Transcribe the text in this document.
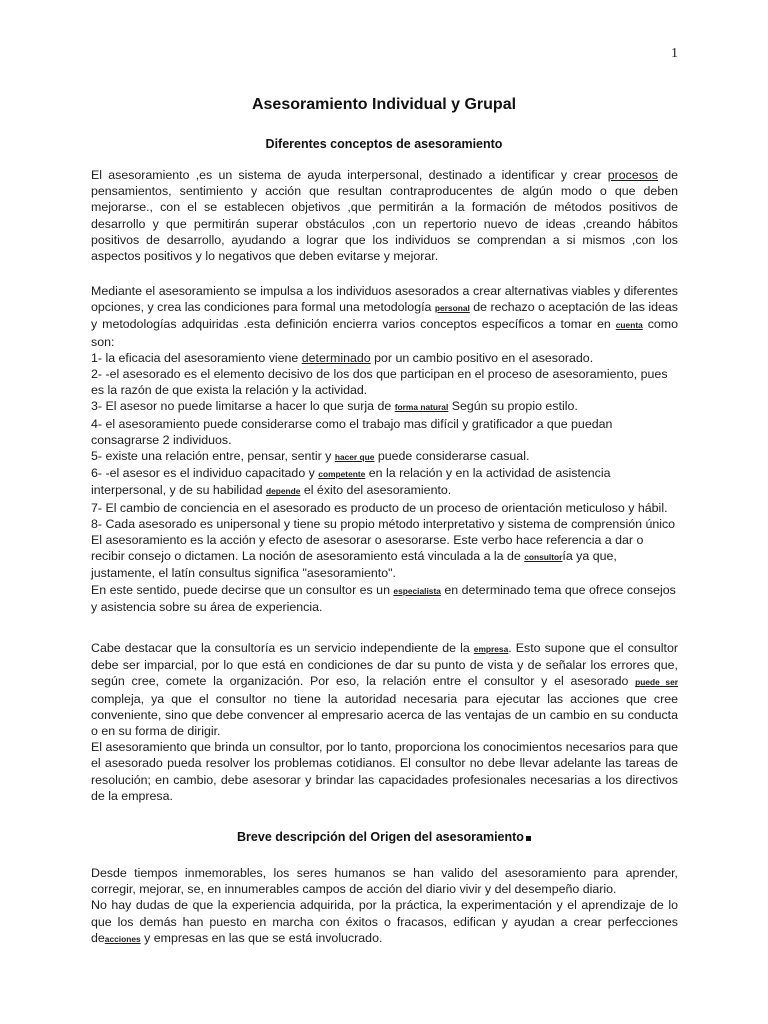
1
Asesoramiento Individual y Grupal
Diferentes conceptos de asesoramiento
El asesoramiento ,es un sistema de ayuda interpersonal, destinado a identificar y crear procesos de pensamientos, sentimiento y acción que resultan contraproducentes de algún modo o que deben mejorarse., con el se establecen objetivos ,que permitirán a la formación de métodos positivos de desarrollo y que permitirán superar obstáculos ,con un repertorio nuevo de ideas ,creando hábitos positivos de desarrollo, ayudando a lograr que los individuos se comprendan a si mismos ,con los aspectos positivos y lo negativos que deben evitarse y mejorar.

Mediante el asesoramiento se impulsa a los individuos asesorados a crear alternativas viables y diferentes opciones, y crea las condiciones para formal una metodología personal de rechazo o aceptación de las ideas y metodologías adquiridas .esta definición encierra varios conceptos específicos a tomar en cuenta como son:

1- la eficacia del asesoramiento viene determinado por un cambio positivo en el asesorado.

2- -el asesorado es el elemento decisivo de los dos que participan en el proceso de asesoramiento, pues es la razón de que exista la relación y la actividad.

3- El asesor no puede limitarse a hacer lo que surja de forma natural Según su propio estilo.

4- el asesoramiento puede considerarse como el trabajo mas difícil y gratificador a que puedan consagrarse 2 individuos.

5- existe una relación entre, pensar, sentir y hacer que puede considerarse casual.

6- -el asesor es el individuo capacitado y competente en la relación y en la actividad de asistencia interpersonal, y de su habilidad depende el éxito del asesoramiento.

7- El cambio de conciencia en el asesorado es producto de un proceso de orientación meticuloso y hábil.

8- Cada asesorado es unipersonal y tiene su propio método interpretativo y sistema de comprensión único

El asesoramiento es la acción y efecto de asesorar o asesorarse. Este verbo hace referencia a dar o recibir consejo o dictamen. La noción de asesoramiento está vinculada a la de consultoría ya que, justamente, el latín consultus significa "asesoramiento".

En este sentido, puede decirse que un consultor es un especialista en determinado tema que ofrece consejos y asistencia sobre su área de experiencia.

Cabe destacar que la consultoría es un servicio independiente de la empresa. Esto supone que el consultor debe ser imparcial, por lo que está en condiciones de dar su punto de vista y de señalar los errores que, según cree, comete la organización. Por eso, la relación entre el consultor y el asesorado puede ser compleja, ya que el consultor no tiene la autoridad necesaria para ejecutar las acciones que cree conveniente, sino que debe convencer al empresario acerca de las ventajas de un cambio en su conducta o en su forma de dirigir.

El asesoramiento que brinda un consultor, por lo tanto, proporciona los conocimientos necesarios para que el asesorado pueda resolver los problemas cotidianos. El consultor no debe llevar adelante las tareas de resolución; en cambio, debe asesorar y brindar las capacidades profesionales necesarias a los directivos de la empresa.

Breve descripción del Origen del asesoramiento

Desde tiempos inmemorables, los seres humanos se han valido del asesoramiento para aprender, corregir, mejorar, se, en innumerables campos de acción del diario vivir y del desempeño diario.

No hay dudas de que la experiencia adquirida, por la práctica, la experimentación y el aprendizaje de lo que los demás han puesto en marcha con éxitos o fracasos, edifican y ayudan a crear perfecciones deacciones y empresas en las que se está involucrado.
